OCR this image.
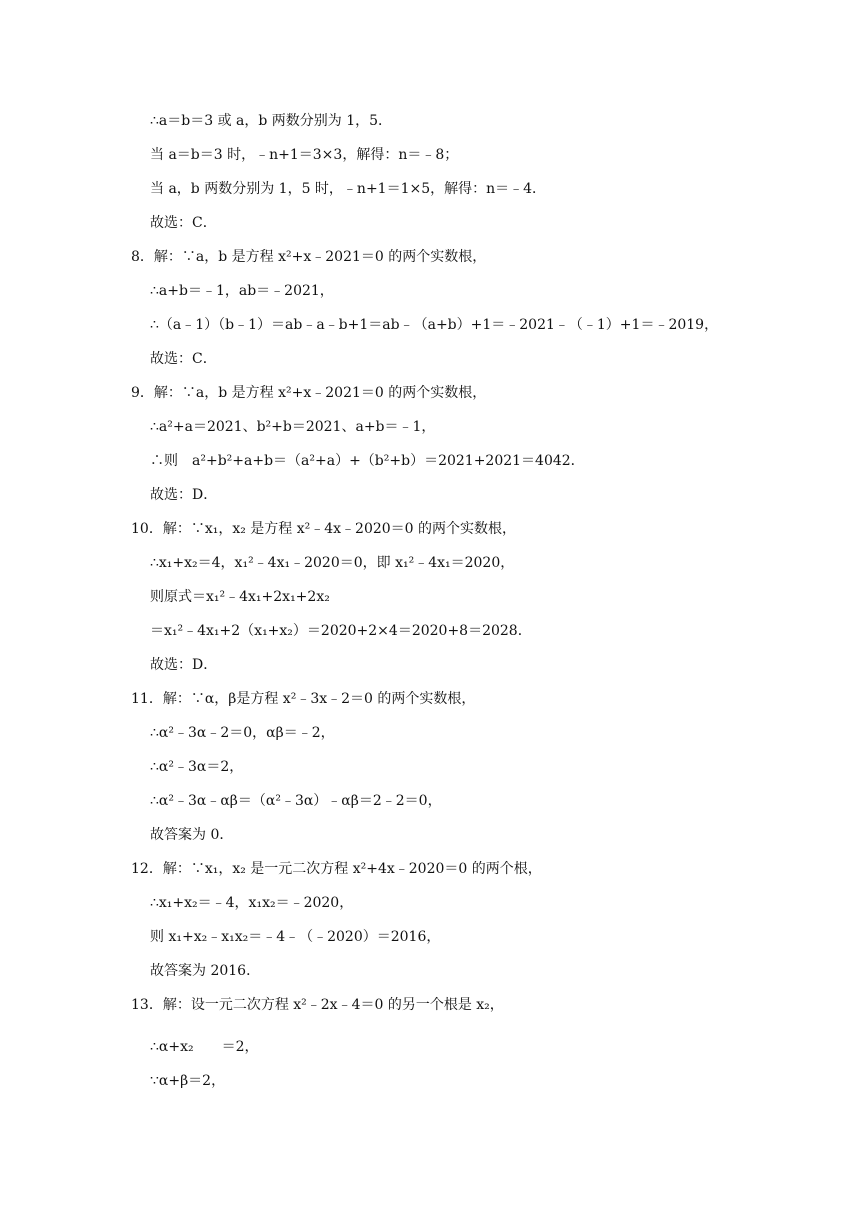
∴a＝b＝3 或 a，b 两数分别为 1，5．
当 a＝b＝3 时，﹣n+1＝3×3，解得：n＝﹣8；
当 a，b 两数分别为 1，5 时，﹣n+1＝1×5，解得：n＝﹣4．
故选：C．
8．解：∵a，b 是方程 x²+x﹣2021＝0 的两个实数根，
∴a+b＝﹣1，ab＝﹣2021，
∴（a﹣1）（b﹣1）＝ab﹣a﹣b+1＝ab﹣（a+b）+1＝﹣2021﹣（﹣1）+1＝﹣2019，
故选：C．
9．解：∵a，b 是方程 x²+x﹣2021＝0 的两个实数根，
∴a²+a＝2021、b²+b＝2021、a+b＝﹣1，
∴则　a²+b²+a+b＝（a²+a）+（b²+b）＝2021+2021＝4042．
故选：D．
10．解：∵x₁，x₂ 是方程 x²﹣4x﹣2020＝0 的两个实数根，
∴x₁+x₂＝4，x₁²﹣4x₁﹣2020＝0，即 x₁²﹣4x₁＝2020，
则原式＝x₁²﹣4x₁+2x₁+2x₂
＝x₁²﹣4x₁+2（x₁+x₂）＝2020+2×4＝2020+8＝2028．
故选：D．
11．解：∵α，β是方程 x²﹣3x﹣2＝0 的两个实数根，
∴α²﹣3α﹣2＝0，αβ＝﹣2，
∴α²﹣3α＝2，
∴α²﹣3α﹣αβ＝（α²﹣3α）﹣αβ＝2﹣2＝0，
故答案为 0．
12．解：∵x₁，x₂ 是一元二次方程 x²+4x﹣2020＝0 的两个根，
∴x₁+x₂＝﹣4，x₁x₂＝﹣2020，
则 x₁+x₂﹣x₁x₂＝﹣4﹣（﹣2020）＝2016，
故答案为 2016．
13．解：设一元二次方程 x²﹣2x﹣4＝0 的另一个根是 x₂，
∴α+x₂　　＝2，
∵α+β＝2，
